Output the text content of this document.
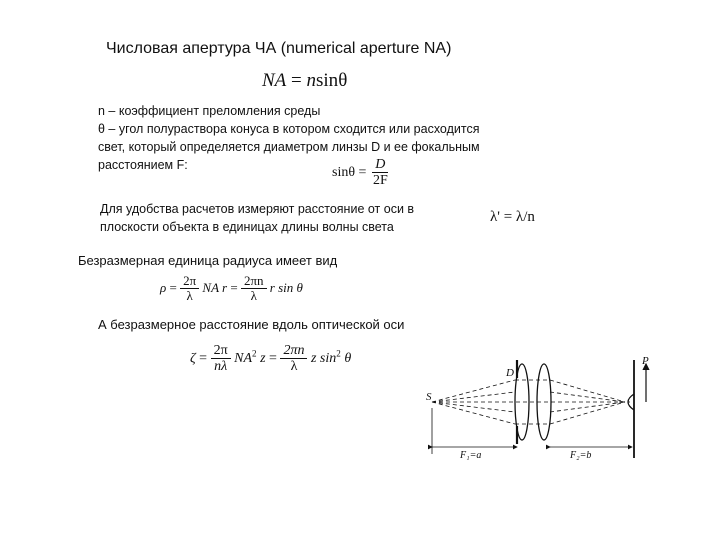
Числовая апертура ЧА (numerical aperture NA)
NA = nsinθ
n – коэффициент преломления среды
θ – угол полураствора конуса в котором сходится или расходится
свет, который определяется диаметром линзы D и ее фокальным
расстоянием F:
$\sin\theta = \frac{D}{2F}$
Для удобства расчетов измеряют расстояние от оси в
плоскости объекта в единицах длины волны света
λ' = λ/n
Безразмерная единица радиуса имеет вид
$\rho = \frac{2\pi}{\lambda}$ NA $r = \frac{2\pi n}{\lambda}$ r sin θ
А безразмерное расстояние вдоль оптической оси
$\zeta = \frac{2\pi}{n\lambda} NA^2$ $z = \frac{2\pi n}{\lambda}$ z $\sin^2 \theta$
S
D
P
F₁=a	F₂=b
